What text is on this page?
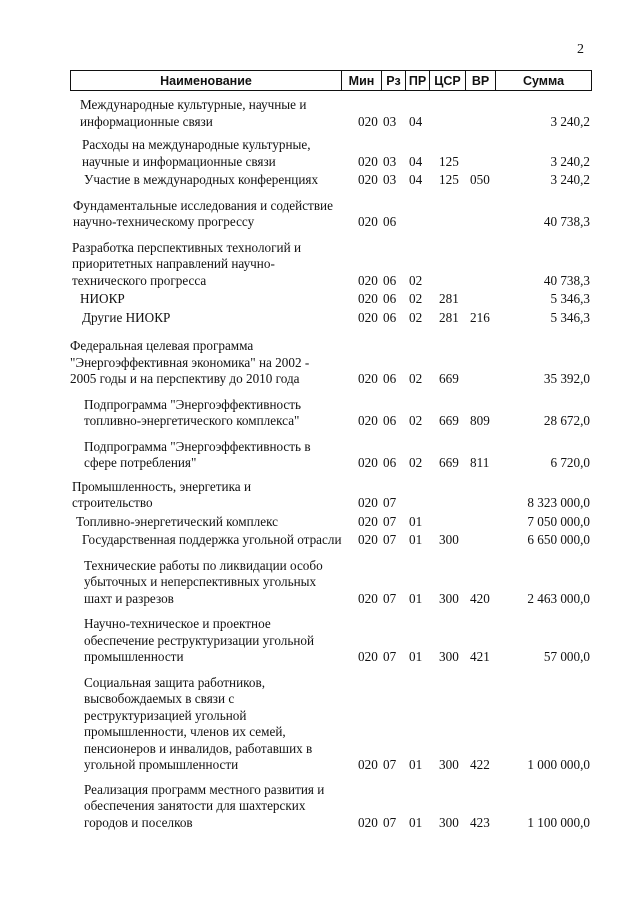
2
Наименование	Мин Рз ПР ЦСР ВР	Сумма
Международные культурные, научные и информационные связи	020 03 04	3 240,2
Расходы на международные культурные, научные и информационные связи	020 03 04 125	3 240,2
Участие в международных конференциях	020 03 04 125 050	3 240,2
Фундаментальные исследования и содействие научно-техническому прогрессу	020 06	40 738,3
Разработка перспективных технологий и приоритетных направлений научно-технического прогресса	020 06 02	40 738,3
НИОКР	020 06 02 281	5 346,3
Другие НИОКР	020 06 02 281 216	5 346,3
Федеральная целевая программа "Энергоэффективная экономика" на 2002 - 2005 годы и на перспективу до 2010 года	020 06 02 669	35 392,0
Подпрограмма "Энергоэффективность топливно-энергетического комплекса"	020 06 02 669 809	28 672,0
Подпрограмма "Энергоэффективность в сфере потребления"	020 06 02 669 811	6 720,0
Промышленность, энергетика и строительство	020 07	8 323 000,0
Топливно-энергетический комплекс	020 07 01	7 050 000,0
Государственная поддержка угольной отрасли 020 07 01 300	6 650 000,0
Технические работы по ликвидации особо убыточных и неперспективных угольных шахт и разрезов	020 07 01 300 420	2 463 000,0
Научно-техническое и проектное обеспечение реструктуризации угольной промышленности	020 07 01 300 421	57 000,0
Социальная защита работников, высвобождаемых в связи с реструктуризацией угольной промышленности, членов их семей, пенсионеров и инвалидов, работавших в угольной промышленности	020 07 01 300 422	1 000 000,0
Реализация программ местного развития и обеспечения занятости для шахтерских городов и поселков	020 07 01 300 423	1 100 000,0
